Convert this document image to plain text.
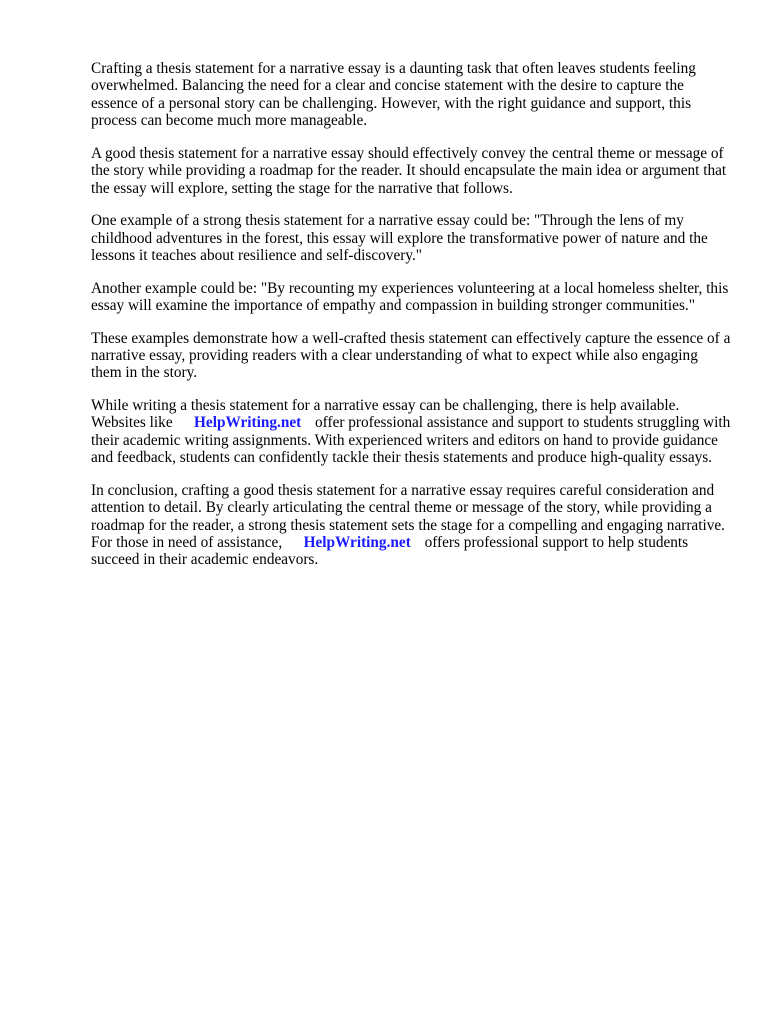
Crafting a thesis statement for a narrative essay is a daunting task that often leaves students feeling overwhelmed. Balancing the need for a clear and concise statement with the desire to capture the essence of a personal story can be challenging. However, with the right guidance and support, this process can become much more manageable.

A good thesis statement for a narrative essay should effectively convey the central theme or message of the story while providing a roadmap for the reader. It should encapsulate the main idea or argument that the essay will explore, setting the stage for the narrative that follows.

One example of a strong thesis statement for a narrative essay could be: "Through the lens of my childhood adventures in the forest, this essay will explore the transformative power of nature and the lessons it teaches about resilience and self-discovery."

Another example could be: "By recounting my experiences volunteering at a local homeless shelter, this essay will examine the importance of empathy and compassion in building stronger communities."

These examples demonstrate how a well-crafted thesis statement can effectively capture the essence of a narrative essay, providing readers with a clear understanding of what to expect while also engaging them in the story.

While writing a thesis statement for a narrative essay can be challenging, there is help available. Websites like HelpWriting.net offer professional assistance and support to students struggling with their academic writing assignments. With experienced writers and editors on hand to provide guidance and feedback, students can confidently tackle their thesis statements and produce high-quality essays.

In conclusion, crafting a good thesis statement for a narrative essay requires careful consideration and attention to detail. By clearly articulating the central theme or message of the story, while providing a roadmap for the reader, a strong thesis statement sets the stage for a compelling and engaging narrative. For those in need of assistance, HelpWriting.net offers professional support to help students succeed in their academic endeavors.
